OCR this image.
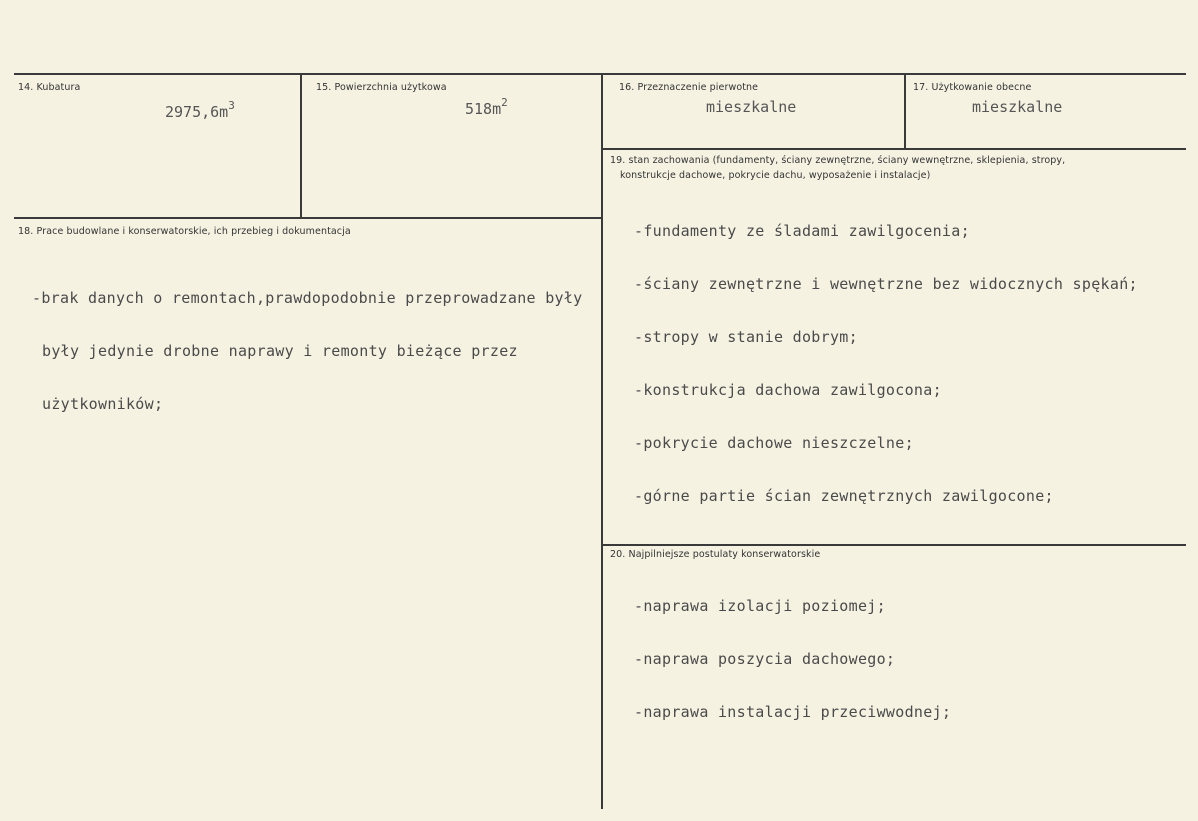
14. Kubatura
$2975,6m^3$
15. Powierzchnia użytkowa
$518m^2$
16. Przeznaczenie pierwotne
mieszkalne
17. Użytkowanie obecne
mieszkalne
18. Prace budowlane i konserwatorskie, ich przebieg i dokumentacja

-brak danych o remontach,prawdopodobnie przeprowadzane były

były jedynie drobne naprawy i remonty bieżące przez

użytkowników;

19. stan zachowania (fundamenty, ściany zewnętrzne, ściany wewnętrzne, sklepienia, stropy,
konstrukcje dachowe, pokrycie dachu, wyposażenie i instalacje)

-fundamenty ze śladami zawilgocenia;

-ściany zewnętrzne i wewnętrzne bez widocznych spękań;

-stropy w stanie dobrym;

-konstrukcja dachowa zawilgocona;

-pokrycie dachowe nieszczelne;

-górne partie ścian zewnętrznych zawilgocone;

20. Najpilniejsze postulaty konserwatorskie

-naprawa izolacji poziomej;

-naprawa poszycia dachowego;

-naprawa instalacji przeciwwodnej;
